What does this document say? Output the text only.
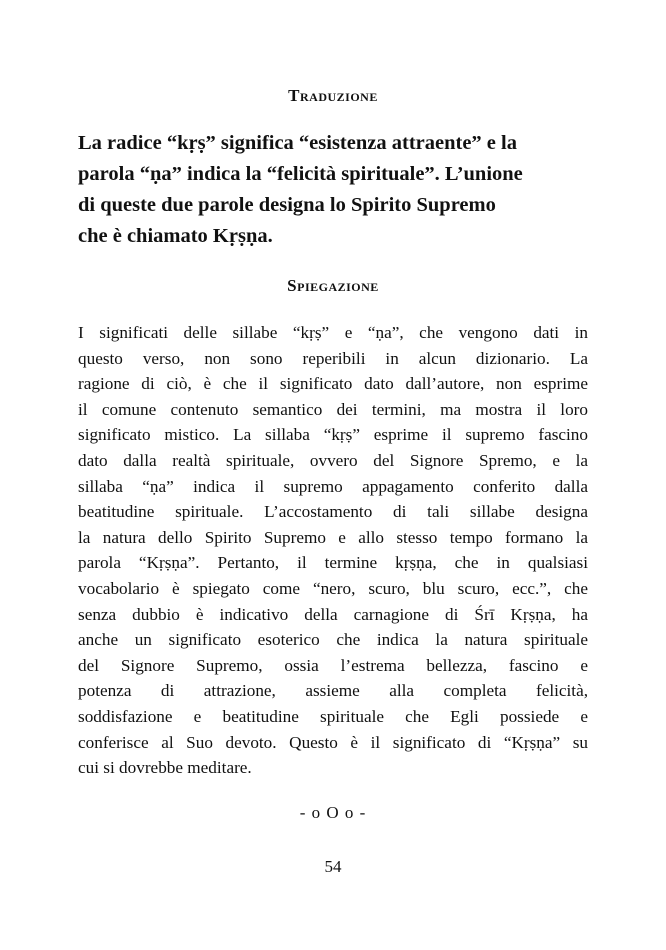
Traduzione
La radice “kṛṣ” significa “esistenza attraente” e la
parola “ṇa” indica la “felicità spirituale”. L’unione
di queste due parole designa lo Spirito Supremo
che è chiamato Kṛṣṇa.
Spiegazione
I significati delle sillabe “kṛṣ” e “ṇa”, che vengono dati in
questo verso, non sono reperibili in alcun dizionario. La
ragione di ciò, è che il significato dato dall’autore, non esprime
il comune contenuto semantico dei termini, ma mostra il loro
significato mistico. La sillaba “kṛṣ” esprime il supremo fascino
dato dalla realtà spirituale, ovvero del Signore Spremo, e la
sillaba “ṇa” indica il supremo appagamento conferito dalla
beatitudine spirituale. L’accostamento di tali sillabe designa
la natura dello Spirito Supremo e allo stesso tempo formano la
parola “Kṛṣṇa”. Pertanto, il termine kṛṣṇa, che in qualsiasi
vocabolario è spiegato come “nero, scuro, blu scuro, ecc.”, che
senza dubbio è indicativo della carnagione di Śrī Kṛṣṇa, ha
anche un significato esoterico che indica la natura spirituale
del Signore Supremo, ossia l’estrema bellezza, fascino e
potenza di attrazione, assieme alla completa felicità,
soddisfazione e beatitudine spirituale che Egli possiede e
conferisce al Suo devoto. Questo è il significato di “Kṛṣṇa” su
cui si dovrebbe meditare.
- o O o -
54
